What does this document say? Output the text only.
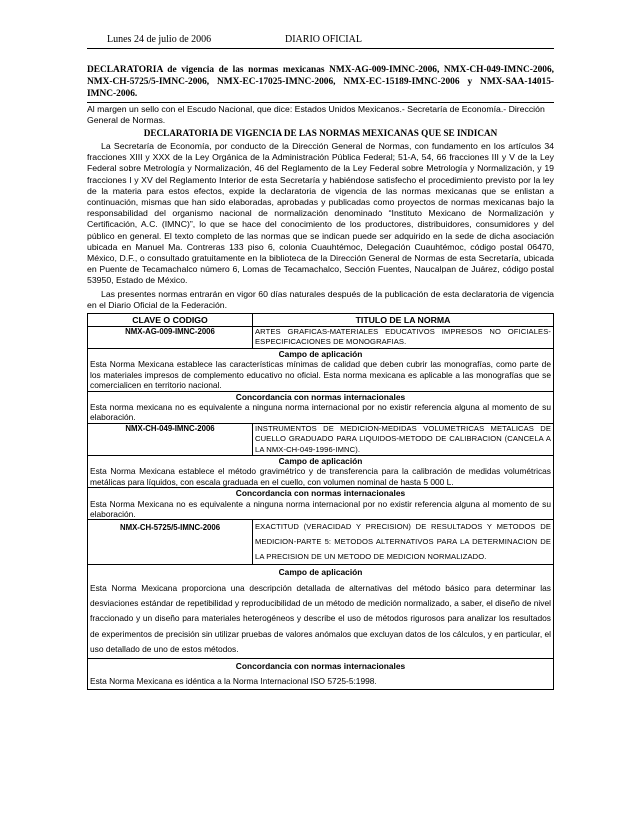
Lunes 24 de julio de 2006	DIARIO OFICIAL
DECLARATORIA de vigencia de las normas mexicanas NMX-AG-009-IMNC-2006, NMX-CH-049-IMNC-2006, NMX-CH-5725/5-IMNC-2006, NMX-EC-17025-IMNC-2006, NMX-EC-15189-IMNC-2006 y NMX-SAA-14015-IMNC-2006.
Al margen un sello con el Escudo Nacional, que dice: Estados Unidos Mexicanos.- Secretaría de Economía.- Dirección General de Normas.
DECLARATORIA DE VIGENCIA DE LAS NORMAS MEXICANAS QUE SE INDICAN

La Secretaría de Economía, por conducto de la Dirección General de Normas, con fundamento en los artículos 34 fracciones XIII y XXX de la Ley Orgánica de la Administración Pública Federal; 51-A, 54, 66 fracciones III y V de la Ley Federal sobre Metrología y Normalización, 46 del Reglamento de la Ley Federal sobre Metrología y Normalización, y 19 fracciones I y XV del Reglamento Interior de esta Secretaría y habiéndose satisfecho el procedimiento previsto por la ley de la materia para estos efectos, expide la declaratoria de vigencia de las normas mexicanas que se enlistan a continuación, mismas que han sido elaboradas, aprobadas y publicadas como proyectos de normas mexicanas bajo la responsabilidad del organismo nacional de normalización denominado “Instituto Mexicano de Normalización y Certificación, A.C. (IMNC)”, lo que se hace del conocimiento de los productores, distribuidores, consumidores y del público en general. El texto completo de las normas que se indican puede ser adquirido en la sede de dicha asociación ubicada en Manuel Ma. Contreras 133 piso 6, colonia Cuauhtémoc, Delegación Cuauhtémoc, código postal 06470, México, D.F., o consultado gratuitamente en la biblioteca de la Dirección General de Normas de esta Secretaría, ubicada en Puente de Tecamachalco número 6, Lomas de Tecamachalco, Sección Fuentes, Naucalpan de Juárez, código postal 53950, Estado de México.

Las presentes normas entrarán en vigor 60 días naturales después de la publicación de esta declaratoria de vigencia en el Diario Oficial de la Federación.

CLAVE O CODIGO	TITULO DE LA NORMA
NMX-AG-009-IMNC-2006	ARTES GRAFICAS-MATERIALES EDUCATIVOS IMPRESOS NO OFICIALES-ESPECIFICACIONES DE MONOGRAFIAS.
Campo de aplicación	
Esta Norma Mexicana establece las características mínimas de calidad que deben cubrir las monografías, como parte de los materiales impresos de complemento educativo no oficial. Esta norma mexicana es aplicable a las monografías que se comercialicen en territorio nacional.	
Concordancia con normas internacionales	
Esta norma mexicana no es equivalente a ninguna norma internacional por no existir referencia alguna al momento de su elaboración.	
NMX-CH-049-IMNC-2006	INSTRUMENTOS DE MEDICION-MEDIDAS VOLUMETRICAS METALICAS DE CUELLO GRADUADO PARA LIQUIDOS-METODO DE CALIBRACION (CANCELA A LA NMX-CH-049-1996-IMNC).
Campo de aplicación	
Esta Norma Mexicana establece el método gravimétrico y de transferencia para la calibración de medidas volumétricas metálicas para líquidos, con escala graduada en el cuello, con volumen nominal de hasta 5 000 L.	
Concordancia con normas internacionales	
Esta Norma Mexicana no es equivalente a ninguna norma internacional por no existir referencia alguna al momento de su elaboración.	
NMX-CH-5725/5-IMNC-2006	EXACTITUD (VERACIDAD Y PRECISION) DE RESULTADOS Y METODOS DE MEDICION-PARTE 5: METODOS ALTERNATIVOS PARA LA DETERMINACION DE LA PRECISION DE UN METODO DE MEDICION NORMALIZADO.
Campo de aplicación	
Esta Norma Mexicana proporciona una descripción detallada de alternativas del método básico para determinar las desviaciones estándar de repetibilidad y reproducibilidad de un método de medición normalizado, a saber, el diseño de nivel fraccionado y un diseño para materiales heterogéneos y describe el uso de métodos rigurosos para analizar los resultados de experimentos de precisión sin utilizar pruebas de valores anómalos que excluyan datos de los cálculos, y en particular, el uso detallado de uno de estos métodos.	
Concordancia con normas internacionales	
Esta Norma Mexicana es idéntica a la Norma Internacional ISO 5725-5:1998.	
